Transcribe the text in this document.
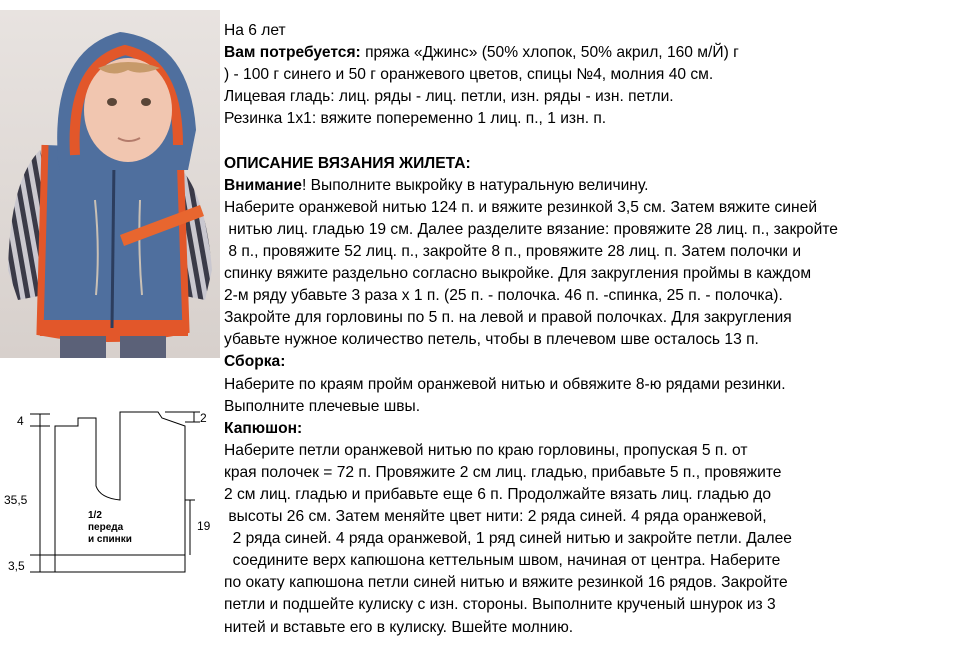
4	2
35,5
19
3,5
1/2
переда
и спинки
На 6 лет
Вам потребуется: пряжа «Джинс» (50% хлопок, 50% акрил, 160 м/Й) г
) - 100 г синего и 50 г оранжевого цветов, спицы №4, молния 40 см.
Лицевая гладь: лиц. ряды - лиц. петли, изн. ряды - изн. петли.
Резинка 1х1: вяжите попеременно 1 лиц. п., 1 изн. п.
ОПИСАНИЕ ВЯЗАНИЯ ЖИЛЕТА:
Внимание! Выполните выкройку в натуральную величину.
Наберите оранжевой нитью 124 п. и вяжите резинкой 3,5 см. Затем вяжите синей
нитью лиц. гладью 19 см. Далее разделите вязание: провяжите 28 лиц. п., закройте
8 п., провяжите 52 лиц. п., закройте 8 п., провяжите 28 лиц. п. Затем полочки и
спинку вяжите раздельно согласно выкройке. Для закругления проймы в каждом
2-м ряду убавьте 3 раза х 1 п. (25 п. - полочка. 46 п. -спинка, 25 п. - полочка).
Закройте для горловины по 5 п. на левой и правой полочках. Для закругления
убавьте нужное количество петель, чтобы в плечевом шве осталось 13 п.
Сборка:
Наберите по краям пройм оранжевой нитью и обвяжите 8-ю рядами резинки.
Выполните плечевые швы.
Капюшон:
Наберите петли оранжевой нитью по краю горловины, пропуская 5 п. от
края полочек = 72 п. Провяжите 2 см лиц. гладью, прибавьте 5 п., провяжите
2 см лиц. гладью и прибавьте еще 6 п. Продолжайте вязать лиц. гладью до
высоты 26 см. Затем меняйте цвет нити: 2 ряда синей. 4 ряда оранжевой,
2 ряда синей. 4 ряда оранжевой, 1 ряд синей нитью и закройте петли. Далее
соедините верх капюшона кеттельным швом, начиная от центра. Наберите
по окату капюшона петли синей нитью и вяжите резинкой 16 рядов. Закройте
петли и подшейте кулиску с изн. стороны. Выполните крученый шнурок из 3
нитей и вставьте его в кулиску. Вшейте молнию.
